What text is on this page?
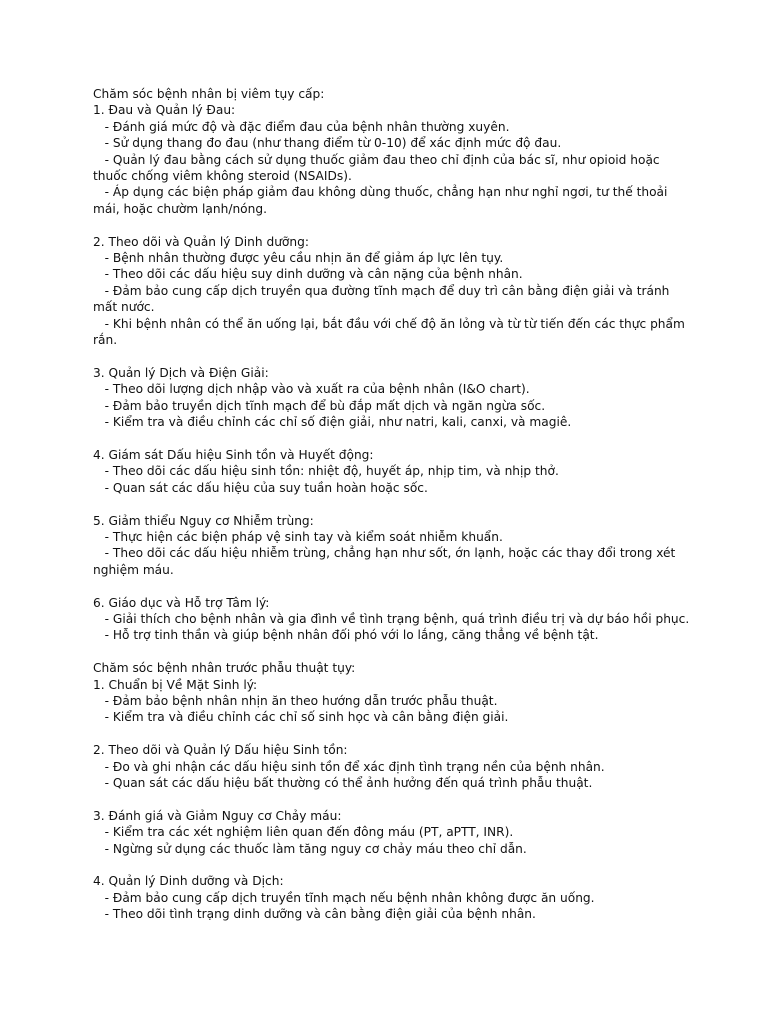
Chăm sóc bệnh nhân bị viêm tụy cấp:
1. Đau và Quản lý Đau:
- Đánh giá mức độ và đặc điểm đau của bệnh nhân thường xuyên.
- Sử dụng thang đo đau (như thang điểm từ 0-10) để xác định mức độ đau.
- Quản lý đau bằng cách sử dụng thuốc giảm đau theo chỉ định của bác sĩ, như opioid hoặc thuốc chống viêm không steroid (NSAIDs).
- Áp dụng các biện pháp giảm đau không dùng thuốc, chẳng hạn như nghỉ ngơi, tư thế thoải mái, hoặc chườm lạnh/nóng.
2. Theo dõi và Quản lý Dinh dưỡng:
- Bệnh nhân thường được yêu cầu nhịn ăn để giảm áp lực lên tụy.
- Theo dõi các dấu hiệu suy dinh dưỡng và cân nặng của bệnh nhân.
- Đảm bảo cung cấp dịch truyền qua đường tĩnh mạch để duy trì cân bằng điện giải và tránh mất nước.
- Khi bệnh nhân có thể ăn uống lại, bắt đầu với chế độ ăn lỏng và từ từ tiến đến các thực phẩm rắn.
3. Quản lý Dịch và Điện Giải:
- Theo dõi lượng dịch nhập vào và xuất ra của bệnh nhân (I&O chart).
- Đảm bảo truyền dịch tĩnh mạch để bù đắp mất dịch và ngăn ngừa sốc.
- Kiểm tra và điều chỉnh các chỉ số điện giải, như natri, kali, canxi, và magiê.
4. Giám sát Dấu hiệu Sinh tồn và Huyết động:
- Theo dõi các dấu hiệu sinh tồn: nhiệt độ, huyết áp, nhịp tim, và nhịp thở.
- Quan sát các dấu hiệu của suy tuần hoàn hoặc sốc.
5. Giảm thiểu Nguy cơ Nhiễm trùng:
- Thực hiện các biện pháp vệ sinh tay và kiểm soát nhiễm khuẩn.
- Theo dõi các dấu hiệu nhiễm trùng, chẳng hạn như sốt, ớn lạnh, hoặc các thay đổi trong xét nghiệm máu.
6. Giáo dục và Hỗ trợ Tâm lý:
- Giải thích cho bệnh nhân và gia đình về tình trạng bệnh, quá trình điều trị và dự báo hồi phục.
- Hỗ trợ tinh thần và giúp bệnh nhân đối phó với lo lắng, căng thẳng về bệnh tật.
Chăm sóc bệnh nhân trước phẫu thuật tụy:
1. Chuẩn bị Về Mặt Sinh lý:
- Đảm bảo bệnh nhân nhịn ăn theo hướng dẫn trước phẫu thuật.
- Kiểm tra và điều chỉnh các chỉ số sinh học và cân bằng điện giải.
2. Theo dõi và Quản lý Dấu hiệu Sinh tồn:
- Đo và ghi nhận các dấu hiệu sinh tồn để xác định tình trạng nền của bệnh nhân.
- Quan sát các dấu hiệu bất thường có thể ảnh hưởng đến quá trình phẫu thuật.
3. Đánh giá và Giảm Nguy cơ Chảy máu:
- Kiểm tra các xét nghiệm liên quan đến đông máu (PT, aPTT, INR).
- Ngừng sử dụng các thuốc làm tăng nguy cơ chảy máu theo chỉ dẫn.
4. Quản lý Dinh dưỡng và Dịch:
- Đảm bảo cung cấp dịch truyền tĩnh mạch nếu bệnh nhân không được ăn uống.
- Theo dõi tình trạng dinh dưỡng và cân bằng điện giải của bệnh nhân.
